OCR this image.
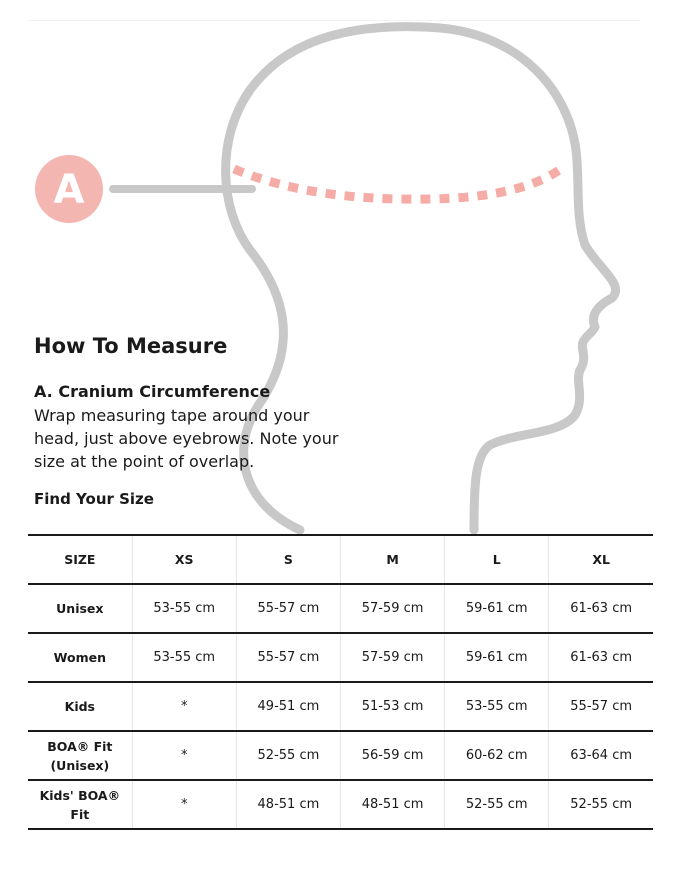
A
How To Measure
A. Cranium Circumference

Wrap measuring tape around your head, just above eyebrows. Note your size at the point of overlap.

Find Your Size
SIZE	XS	S	M	L	XL
Unisex	53-55 cm	55-57 cm	57-59 cm	59-61 cm	61-63 cm
Women	53-55 cm	55-57 cm	57-59 cm	59-61 cm	61-63 cm
Kids	*	49-51 cm	51-53 cm	53-55 cm	55-57 cm
BOA® Fit
(Unisex)	*	52-55 cm	56-59 cm	60-62 cm	63-64 cm
Kids' BOA® Fit	*	48-51 cm	48-51 cm	52-55 cm	52-55 cm
